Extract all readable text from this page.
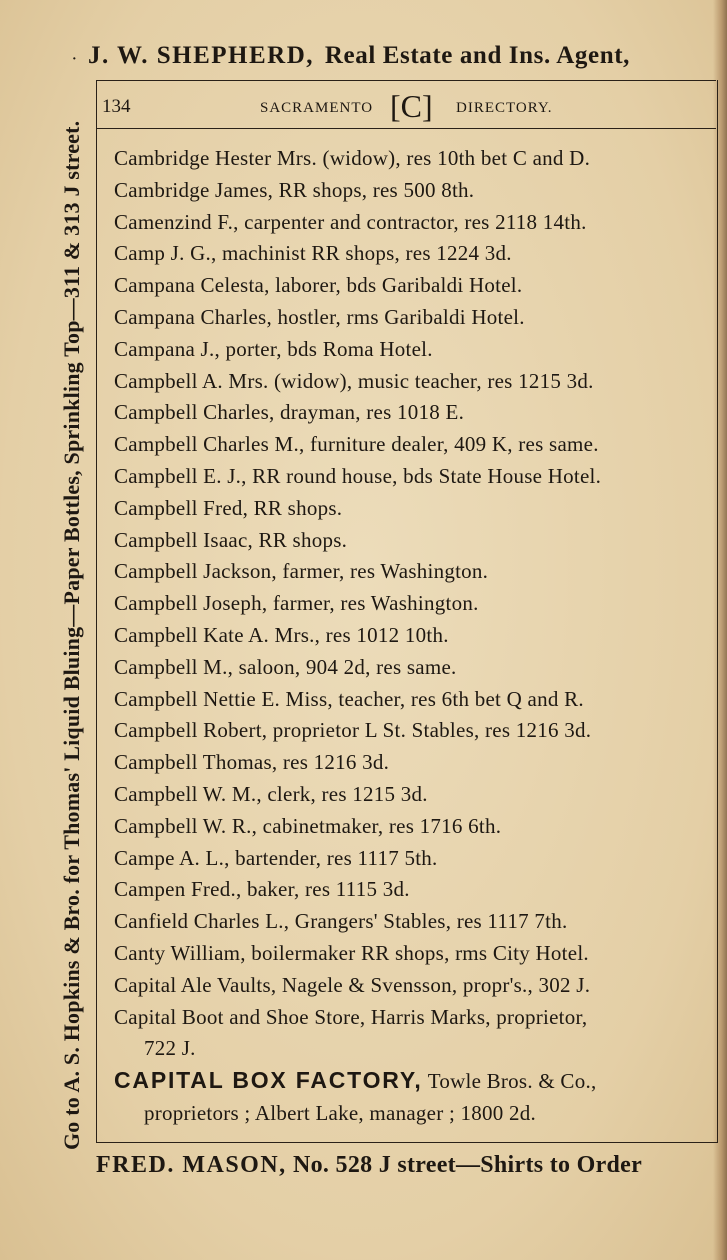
· J. W. SHEPHERD, Real Estate and Ins. Agent,
Go to A. S. Hopkins & Bro. for Thomas' Liquid Bluing—Paper Bottles, Sprinkling Top—311 & 313 J street.
134	SACRAMENTO [C] DIRECTORY.
Cambridge Hester Mrs. (widow), res 10th bet C and D.
Cambridge James, RR shops, res 500 8th.
Camenzind F., carpenter and contractor, res 2118 14th.
Camp J. G., machinist RR shops, res 1224 3d.
Campana Celesta, laborer, bds Garibaldi Hotel.
Campana Charles, hostler, rms Garibaldi Hotel.
Campana J., porter, bds Roma Hotel.
Campbell A. Mrs. (widow), music teacher, res 1215 3d.
Campbell Charles, drayman, res 1018 E.
Campbell Charles M., furniture dealer, 409 K, res same.
Campbell E. J., RR round house, bds State House Hotel.
Campbell Fred, RR shops.
Campbell Isaac, RR shops.
Campbell Jackson, farmer, res Washington.
Campbell Joseph, farmer, res Washington.
Campbell Kate A. Mrs., res 1012 10th.
Campbell M., saloon, 904 2d, res same.
Campbell Nettie E. Miss, teacher, res 6th bet Q and R.
Campbell Robert, proprietor L St. Stables, res 1216 3d.
Campbell Thomas, res 1216 3d.
Campbell W. M., clerk, res 1215 3d.
Campbell W. R., cabinetmaker, res 1716 6th.
Campe A. L., bartender, res 1117 5th.
Campen Fred., baker, res 1115 3d.
Canfield Charles L., Grangers' Stables, res 1117 7th.
Canty William, boilermaker RR shops, rms City Hotel.
Capital Ale Vaults, Nagele & Svensson, propr's., 302 J.
Capital Boot and Shoe Store, Harris Marks, proprietor,
722 J.
CAPITAL BOX FACTORY, Towle Bros. & Co.,
proprietors ; Albert Lake, manager ; 1800 2d.
FRED. MASON, No. 528 J street—Shirts to Order
